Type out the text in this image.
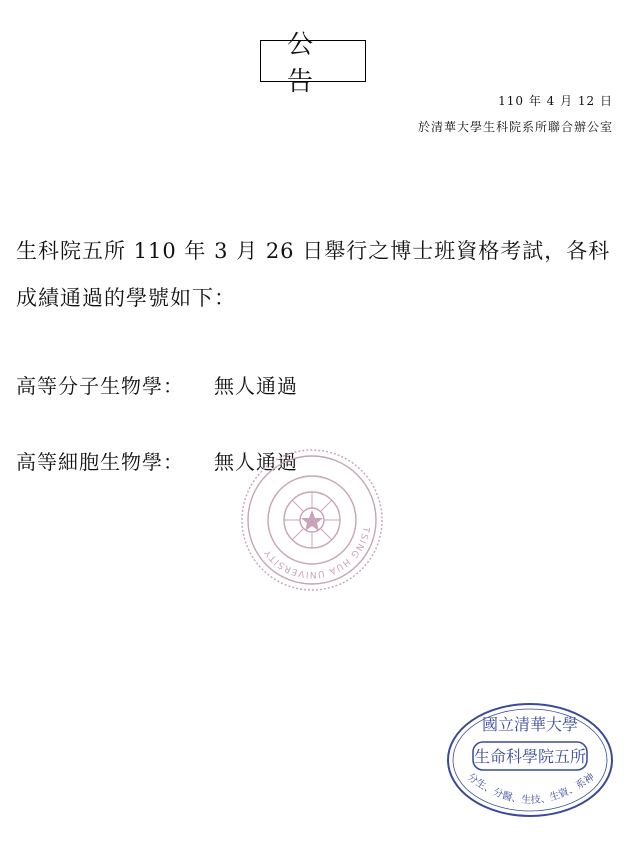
公 告
110 年 4 月 12 日
於清華大學生科院系所聯合辦公室

生科院五所 110 年 3 月 26 日舉行之博士班資格考試，各科

成績通過的學號如下：

高等分子生物學： 無人通過
高等細胞生物學： 無人通過
TSING HUA UNIVERSITY
國立清華大學
生命科學院五所
分生、分醫、生技、生資、系神
